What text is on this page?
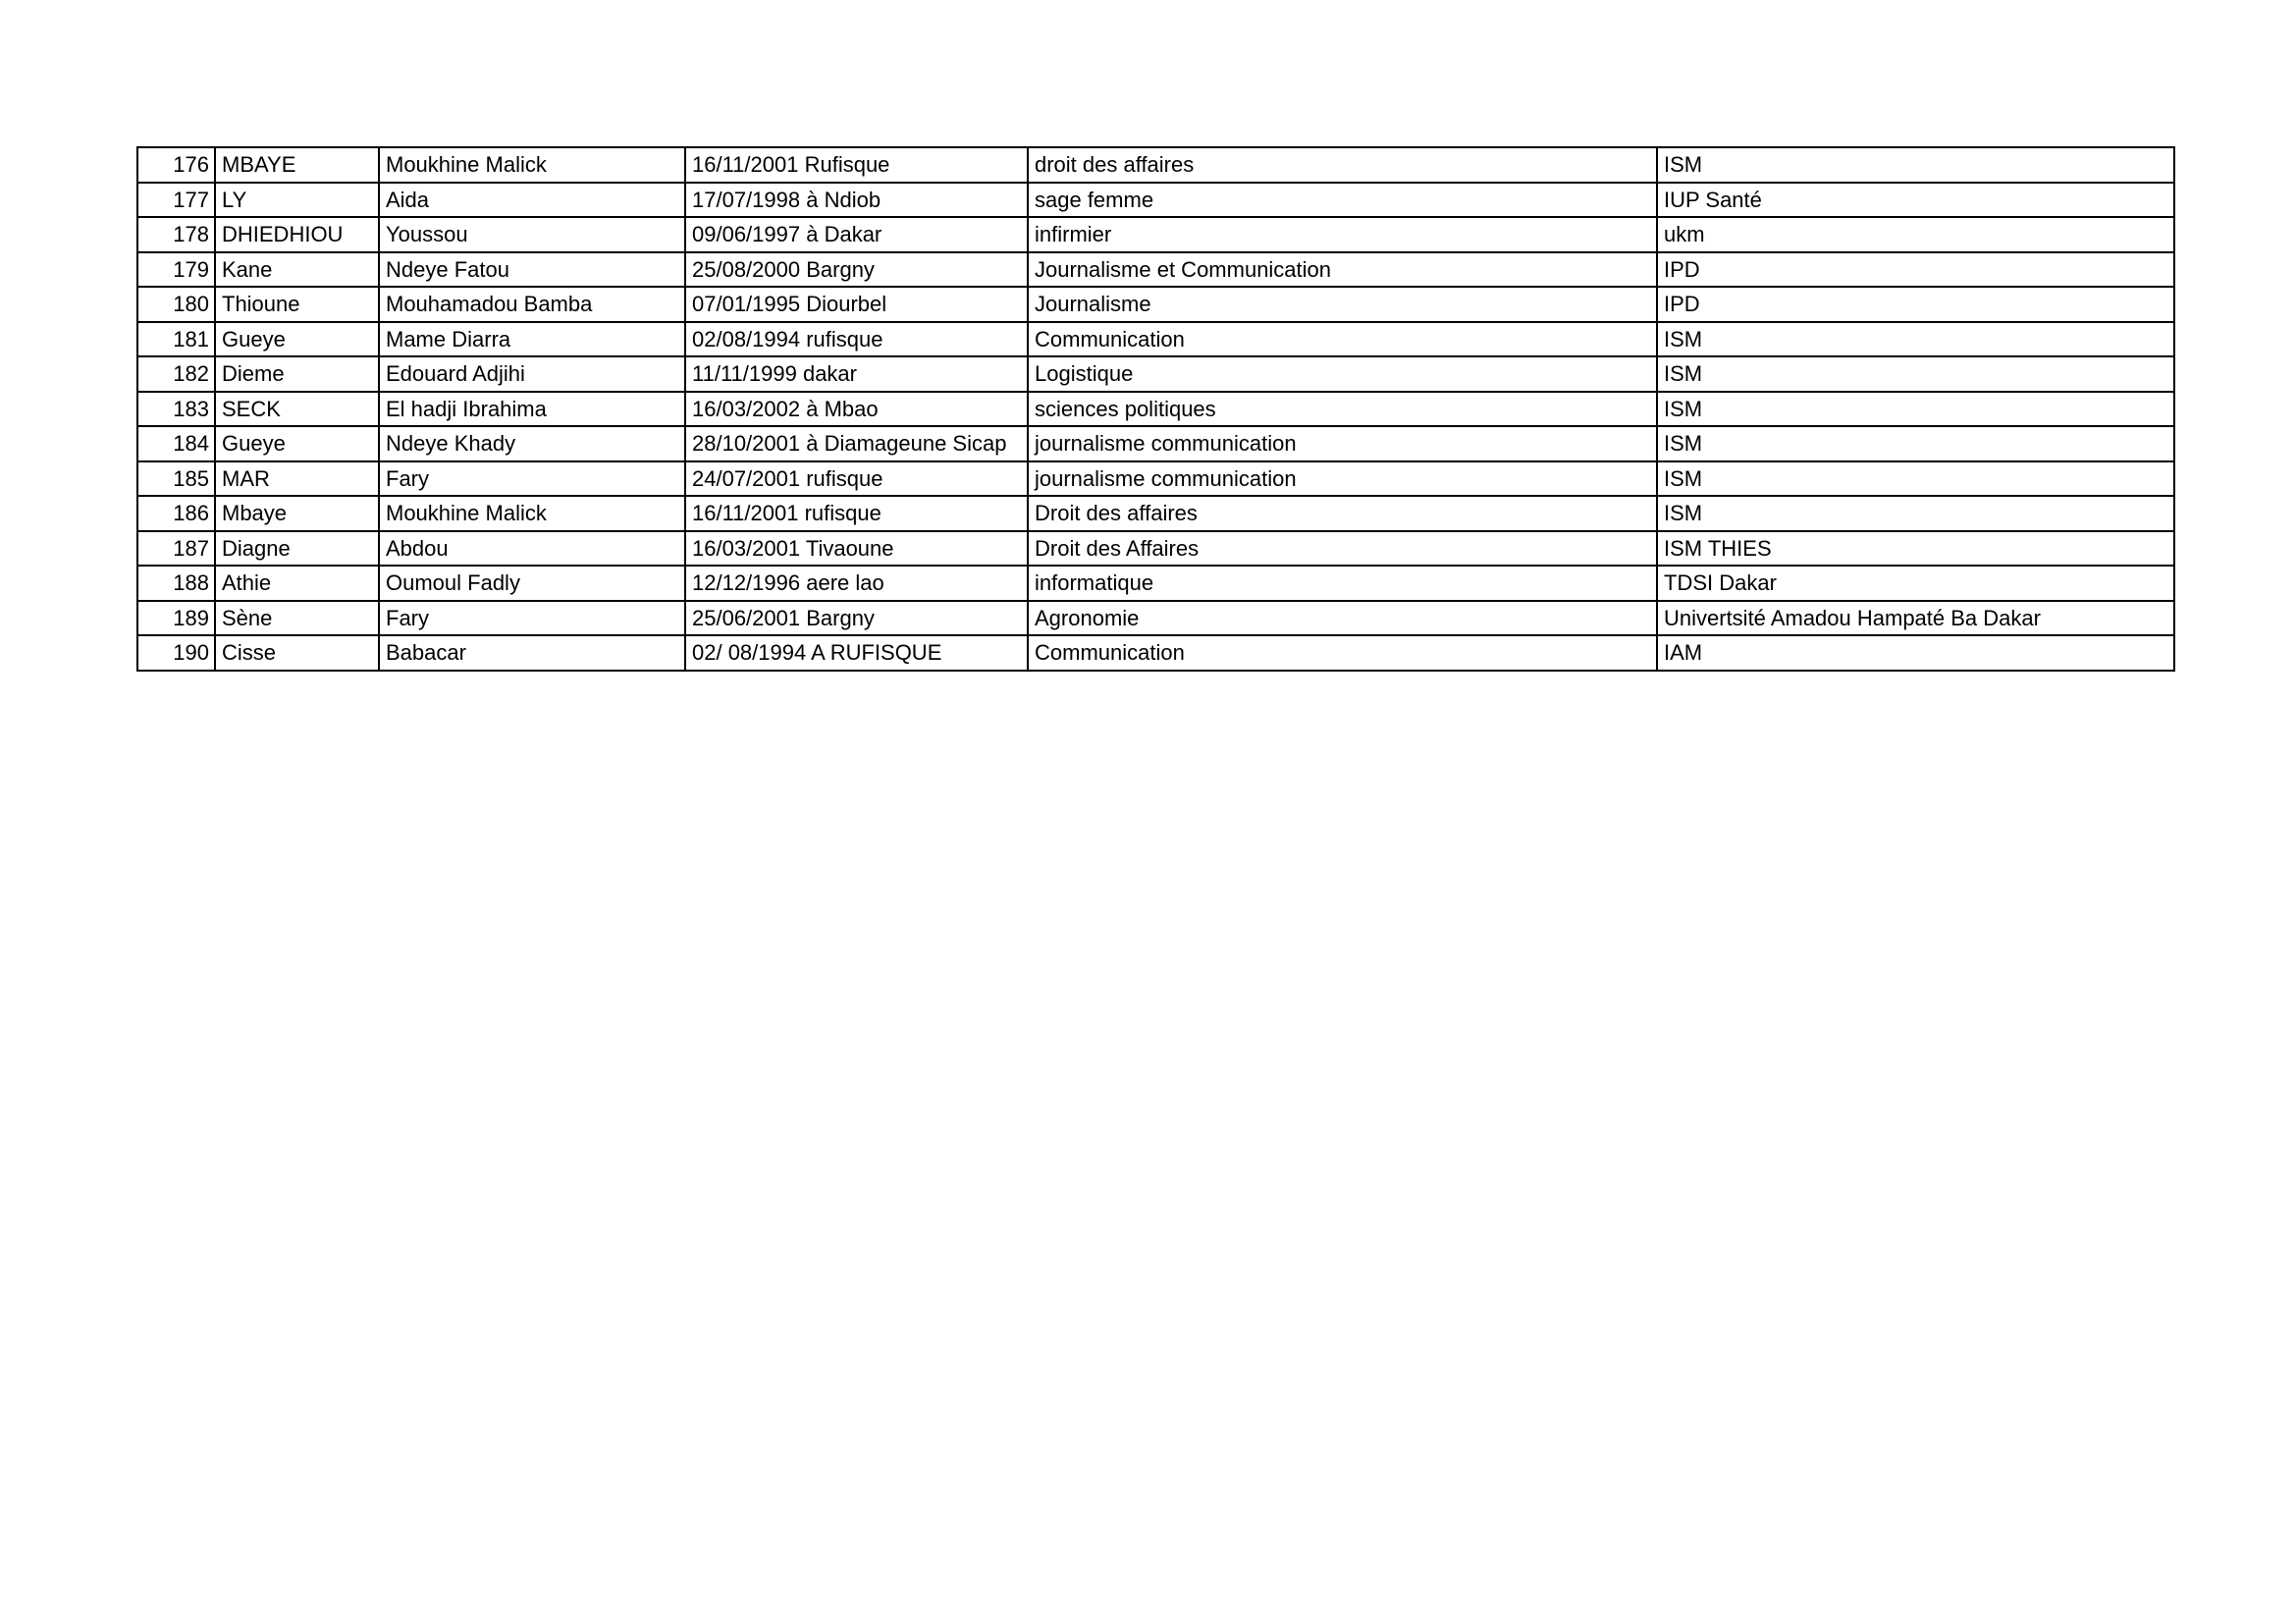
176	MBAYE	Moukhine Malick	16/11/2001 Rufisque	droit des affaires	ISM
177	LY	Aida	17/07/1998 à Ndiob	sage femme	IUP Santé
178	DHIEDHIOU	Youssou	09/06/1997 à Dakar	infirmier	ukm
179	Kane	Ndeye Fatou	25/08/2000 Bargny	Journalisme et Communication	IPD
180	Thioune	Mouhamadou Bamba	07/01/1995 Diourbel	Journalisme	IPD
181	Gueye	Mame Diarra	02/08/1994 rufisque	Communication	ISM
182	Dieme	Edouard Adjihi	11/11/1999 dakar	Logistique	ISM
183	SECK	El hadji Ibrahima	16/03/2002 à Mbao	sciences politiques	ISM
184	Gueye	Ndeye Khady	28/10/2001 à Diamageune Sicap	journalisme communication	ISM
185	MAR	Fary	24/07/2001 rufisque	journalisme communication	ISM
186	Mbaye	Moukhine Malick	16/11/2001 rufisque	Droit des affaires	ISM
187	Diagne	Abdou	16/03/2001 Tivaoune	Droit des Affaires	ISM THIES
188	Athie	Oumoul Fadly	12/12/1996 aere lao	informatique	TDSI Dakar
189	Sène	Fary	25/06/2001 Bargny	Agronomie	Univertsité Amadou Hampaté Ba Dakar
190	Cisse	Babacar	02/ 08/1994 A RUFISQUE	Communication	IAM
